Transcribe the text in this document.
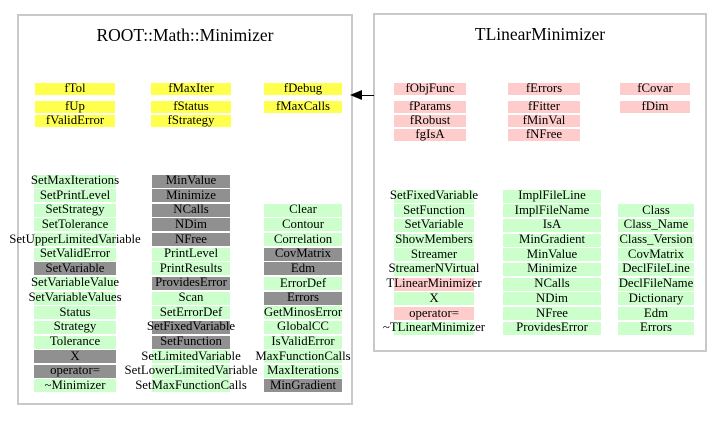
ROOT::Math::Minimizer
fTol
fUp
fValidError
fMaxIter
fStatus
fStrategy
fDebug
fMaxCalls
SetMaxIterations
SetPrintLevel
SetStrategy
SetTolerance
SetUpperLimitedVariable
SetValidError
SetVariable
SetVariableValue
SetVariableValues
Status
Strategy
Tolerance
X
operator=
~Minimizer
MinValue
Minimize
NCalls
NDim
NFree
PrintLevel
PrintResults
ProvidesError
Scan
SetErrorDef
SetFixedVariable
SetFunction
SetLimitedVariable
SetLowerLimitedVariable
SetMaxFunctionCalls
Clear
Contour
Correlation
CovMatrix
Edm
ErrorDef
Errors
GetMinosError
GlobalCC
IsValidError
MaxFunctionCalls
MaxIterations
MinGradient
TLinearMinimizer
fObjFunc
fParams
fRobust
fgIsA
fErrors
fFitter
fMinVal
fNFree
fCovar
fDim
SetFixedVariable
SetFunction
SetVariable
ShowMembers
Streamer
StreamerNVirtual
TLinearMinimizer
X
operator=
~TLinearMinimizer
ImplFileLine
ImplFileName
IsA
MinGradient
MinValue
Minimize
NCalls
NDim
NFree
ProvidesError
Class
Class_Name
Class_Version
CovMatrix
DeclFileLine
DeclFileName
Dictionary
Edm
Errors
